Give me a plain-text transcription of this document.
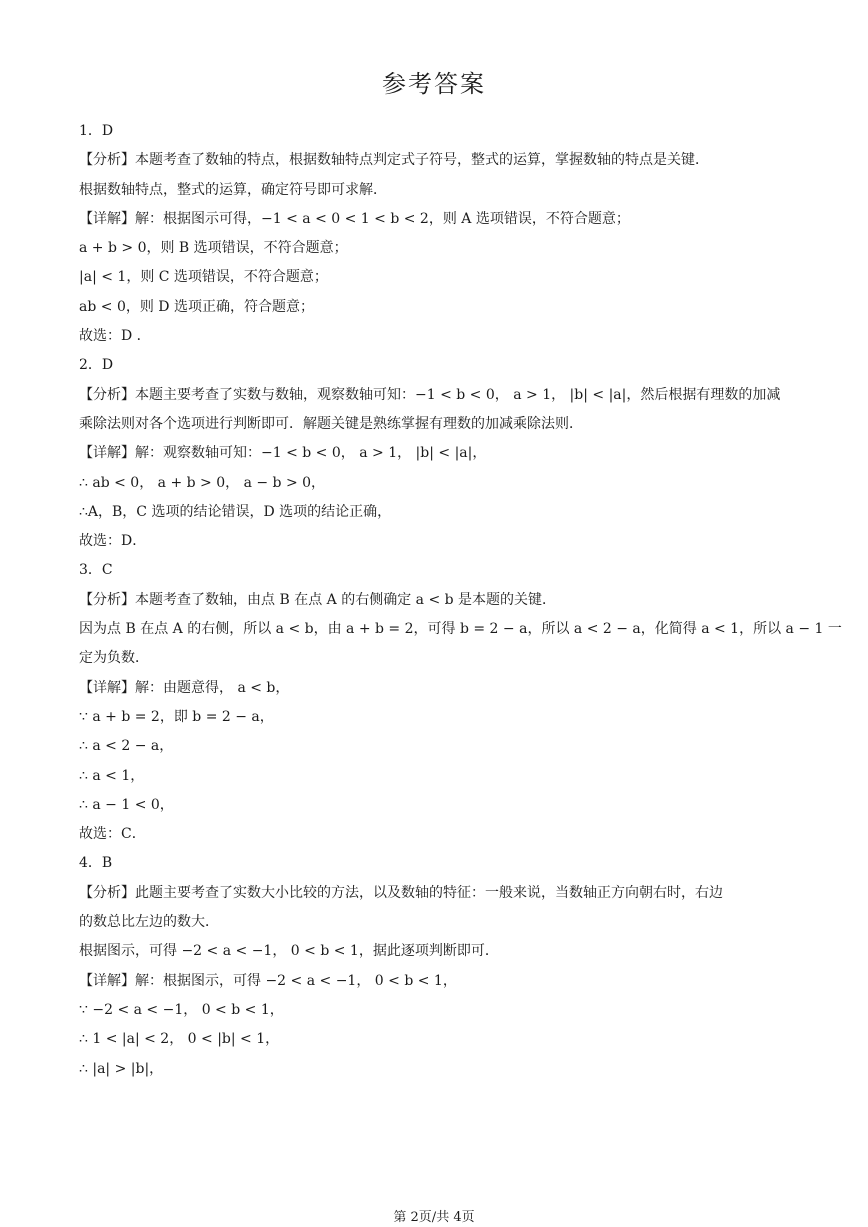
参考答案
1．D
【分析】本题考查了数轴的特点，根据数轴特点判定式子符号，整式的运算，掌握数轴的特点是关键．
根据数轴特点，整式的运算，确定符号即可求解．
【详解】解：根据图示可得，−1 < a < 0 < 1 < b < 2，则 A 选项错误，不符合题意；
a + b > 0，则 B 选项错误，不符合题意；
|a| < 1，则 C 选项错误，不符合题意；
ab < 0，则 D 选项正确，符合题意；
故选：D ．
2．D
【分析】本题主要考查了实数与数轴，观察数轴可知：−1 < b < 0， a > 1， |b| < |a|，然后根据有理数的加减
乘除法则对各个选项进行判断即可．解题关键是熟练掌握有理数的加减乘除法则．
【详解】解：观察数轴可知：−1 < b < 0， a > 1， |b| < |a|，
∴ ab < 0， a + b > 0， a − b > 0，
∴A，B，C 选项的结论错误，D 选项的结论正确，
故选：D．
3．C
【分析】本题考查了数轴，由点 B 在点 A 的右侧确定 a < b 是本题的关键．
因为点 B 在点 A 的右侧，所以 a < b，由 a + b = 2，可得 b = 2 − a，所以 a < 2 − a，化简得 a < 1，所以 a − 1 一
定为负数．
【详解】解：由题意得， a < b，
∵ a + b = 2，即 b = 2 − a，
∴ a < 2 − a，
∴ a < 1，
∴ a − 1 < 0，
故选：C．
4．B
【分析】此题主要考查了实数大小比较的方法，以及数轴的特征：一般来说，当数轴正方向朝右时，右边
的数总比左边的数大．
根据图示，可得 −2 < a < −1， 0 < b < 1，据此逐项判断即可．
【详解】解：根据图示，可得 −2 < a < −1， 0 < b < 1，
∵ −2 < a < −1， 0 < b < 1，
∴ 1 < |a| < 2， 0 < |b| < 1，
∴ |a| > |b|，
第 2页/共 4页
